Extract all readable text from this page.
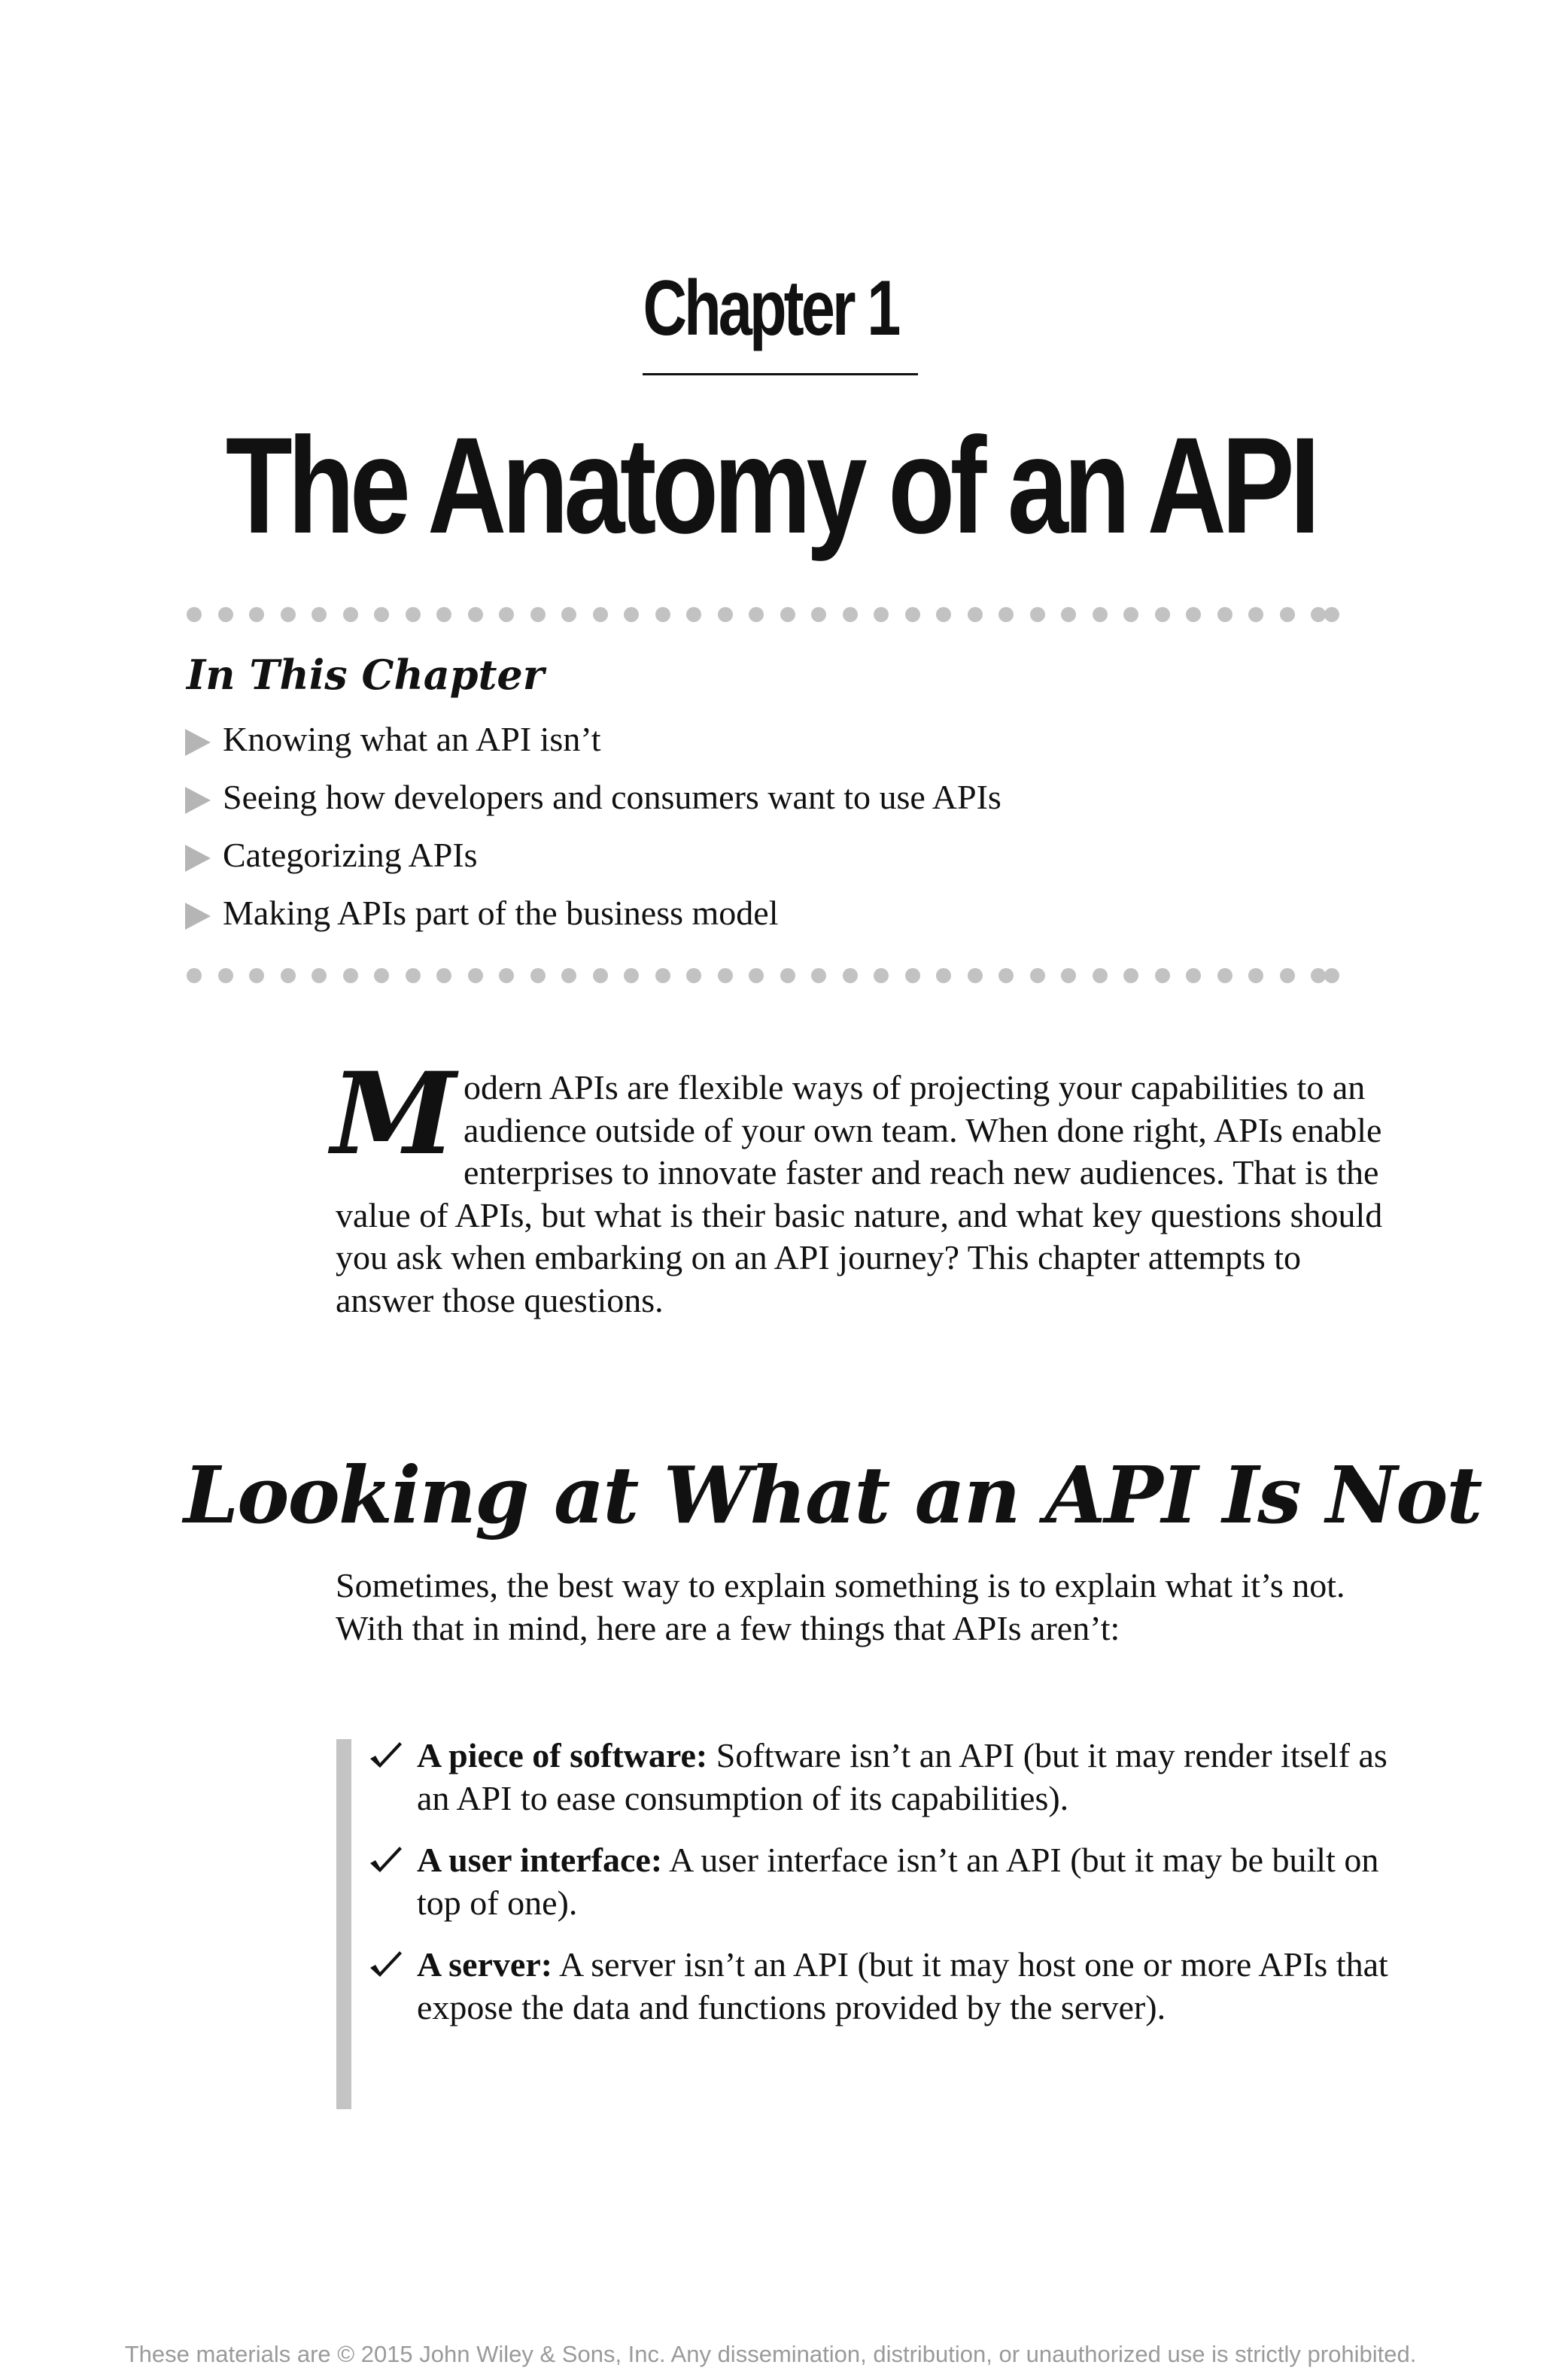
Chapter 1
The Anatomy of an API
In This Chapter
Knowing what an API isn’t
Seeing how developers and consumers want to use APIs
Categorizing APIs
Making APIs part of the business model

Modern APIs are flexible ways of projecting your capabilities to an audience outside of your own team. When done right, APIs enable enterprises to innovate faster and reach new audiences. That is the value of APIs, but what is their basic nature, and what key questions should you ask when embarking on an API journey? This chapter attempts to answer those questions.

Looking at What an API Is Not

Sometimes, the best way to explain something is to explain what it’s not. With that in mind, here are a few things that APIs aren’t:

A piece of software: Software isn’t an API (but it may render itself as an API to ease consumption of its capabilities).
A user interface: A user interface isn’t an API (but it may be built on top of one).
A server: A server isn’t an API (but it may host one or more APIs that expose the data and functions provided by the server).
These materials are © 2015 John Wiley & Sons, Inc. Any dissemination, distribution, or unauthorized use is strictly prohibited.
